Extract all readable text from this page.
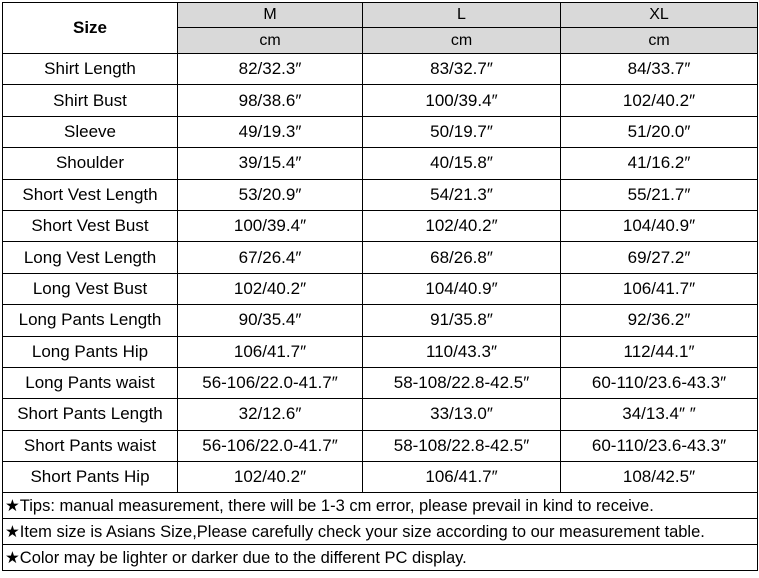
Size	M	L	XL
	cm	cm	cm
Shirt Length	82/32.3″	83/32.7″	84/33.7″
Shirt Bust	98/38.6″	100/39.4″	102/40.2″
Sleeve	49/19.3″	50/19.7″	51/20.0″
Shoulder	39/15.4″	40/15.8″	41/16.2″
Short Vest Length	53/20.9″	54/21.3″	55/21.7″
Short Vest Bust	100/39.4″	102/40.2″	104/40.9″
Long Vest Length	67/26.4″	68/26.8″	69/27.2″
Long Vest Bust	102/40.2″	104/40.9″	106/41.7″
Long Pants Length	90/35.4″	91/35.8″	92/36.2″
Long Pants Hip	106/41.7″	110/43.3″	112/44.1″
Long Pants waist	56-106/22.0-41.7″	58-108/22.8-42.5″	60-110/23.6-43.3″
Short Pants Length	32/12.6″	33/13.0″	34/13.4″ ″
Short Pants waist	56-106/22.0-41.7″	58-108/22.8-42.5″	60-110/23.6-43.3″
Short Pants Hip	102/40.2″	106/41.7″	108/42.5″
★Tips: manual measurement, there will be 1-3 cm error, please prevail in kind to receive.			
★Item size is Asians Size,Please carefully check your size according to our measurement table.			
★Color may be lighter or darker due to the different PC display.			
